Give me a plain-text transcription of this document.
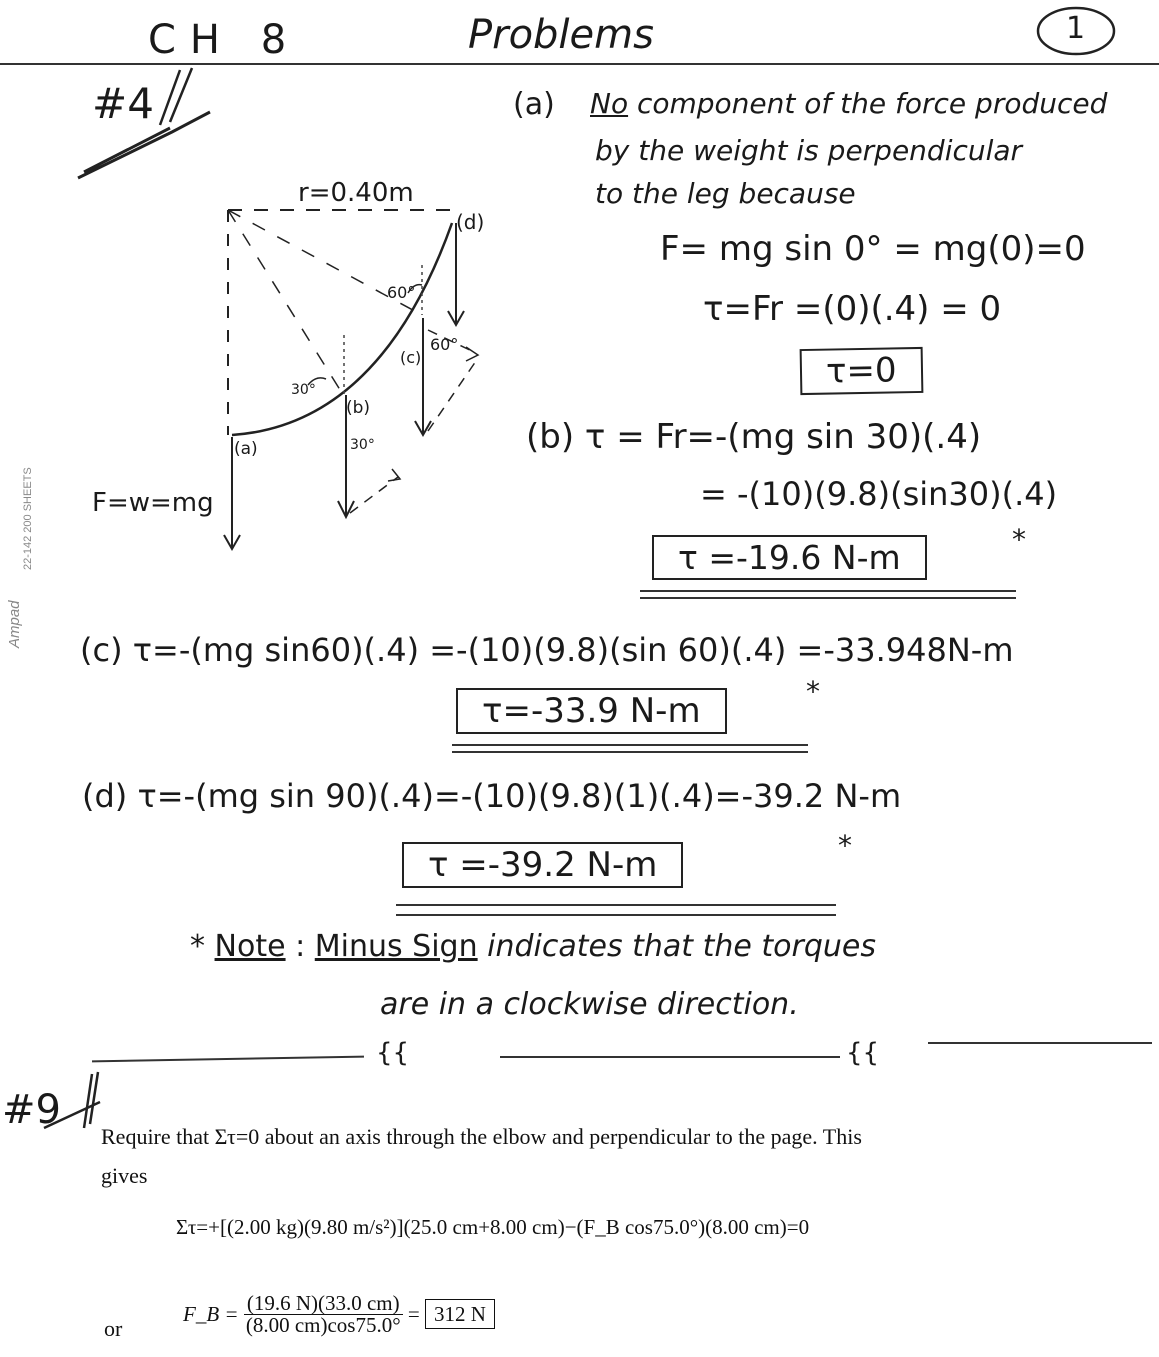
Ampad
22-142 200 SHEETS
CH 8	Problems	1
#4
r=0.40m
(a)
(b)
(c)
(d)
30°
30°
60°
60°
F=w=mg
(a) No component of the force produced
by the weight is perpendicular
to the leg because
F= mg sin 0° = mg(0)=0
τ=Fr =(0)(.4) = 0
τ=0
(b) τ = Fr=-(mg sin 30)(.4)
= -(10)(9.8)(sin30)(.4)
τ =-19.6 N-m	*
(c) τ=-(mg sin60)(.4) =-(10)(9.8)(sin 60)(.4) =-33.948N-m
τ=-33.9 N-m	*
(d) τ=-(mg sin 90)(.4)=-(10)(9.8)(1)(.4)=-39.2 N-m
τ =-39.2 N-m	*
* Note : Minus Sign indicates that the torques
are in a clockwise direction.
{{	{{
#9
Require that Στ=0 about an axis through the elbow and perpendicular to the page. This
gives
Στ=+[(2.00 kg)(9.80 m/s²)](25.0 cm+8.00 cm)−(F_B cos75.0°)(8.00 cm)=0
or
F_B = $\frac{(19.6 N)(33.0 cm)}{(8.00 cm)\cos 75.0^\circ} = 312$ N
